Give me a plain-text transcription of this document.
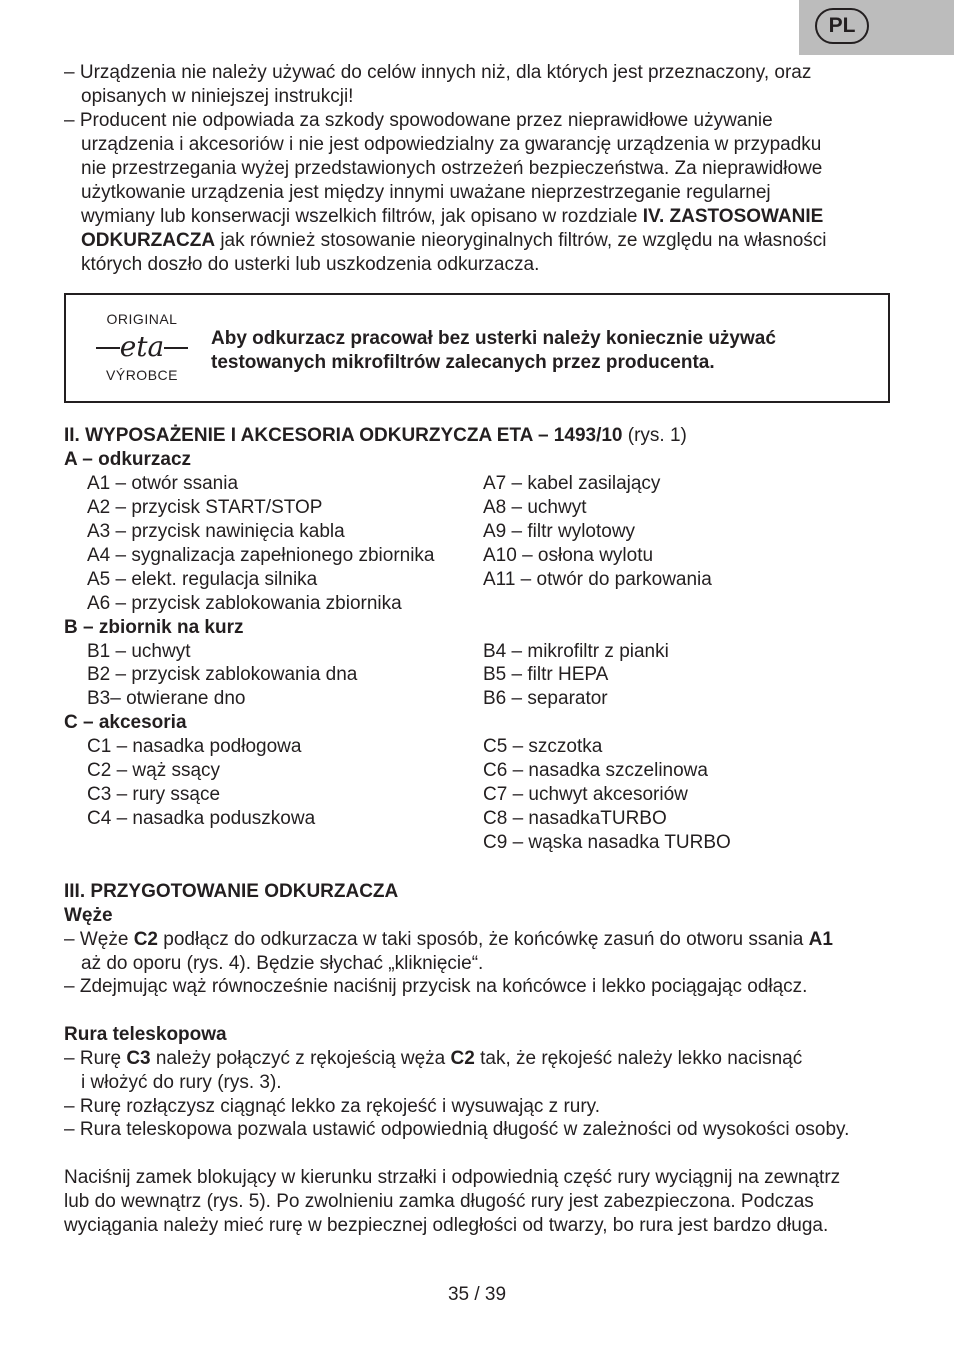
PL
– Urządzenia nie należy używać do celów innych niż, dla których jest przeznaczony, oraz
opisanych w niniejszej instrukcji!
– Producent nie odpowiada za szkody spowodowane przez nieprawidłowe używanie
urządzenia i akcesoriów i nie jest odpowiedzialny za gwarancję urządzenia w przypadku
nie przestrzegania wyżej przedstawionych ostrzeżeń bezpieczeństwa. Za nieprawidłowe
użytkowanie urządzenia jest między innymi uważane nieprzestrzeganie regularnej
wymiany lub konserwacji wszelkich filtrów, jak opisano w rozdziale IV. ZASTOSOWANIE
ODKURZACZA jak również stosowanie nieoryginalnych filtrów, ze względu na własności
których doszło do usterki lub uszkodzenia odkurzacza.
ORIGINAL
eta
VÝROBCE
Aby odkurzacz pracował bez usterki należy koniecznie używać
testowanych mikrofiltrów zalecanych przez producenta.
II. WYPOSAŻENIE I AKCESORIA ODKURZYCZA ETA – 1493/10 (rys. 1)
A – odkurzacz
A1 – otwór ssania
A2 – przycisk START/STOP
A3 – przycisk nawinięcia kabla
A4 – sygnalizacja zapełnionego zbiornika
A5 – elekt. regulacja silnika
A6 – przycisk zablokowania zbiornika
A7 – kabel zasilający
A8 – uchwyt
A9 – filtr wylotowy
A10 – osłona wylotu
A11 – otwór do parkowania
B – zbiornik na kurz
B1 – uchwyt
B2 – przycisk zablokowania dna
B3– otwierane dno
B4 – mikrofiltr z pianki
B5 – filtr HEPA
B6 – separator
C – akcesoria
C1 – nasadka podłogowa
C2 – wąż ssący
C3 – rury ssące
C4 – nasadka poduszkowa
C5 – szczotka
C6 – nasadka szczelinowa
C7 – uchwyt akcesoriów
C8 – nasadkaTURBO
C9 – wąska nasadka TURBO
III. PRZYGOTOWANIE ODKURZACZA
Węże
– Węże C2 podłącz do odkurzacza w taki sposób, że końcówkę zasuń do otworu ssania A1
aż do oporu (rys. 4). Będzie słychać „kliknięcie“.
– Zdejmując wąż równocześnie naciśnij przycisk na końcówce i lekko pociągając odłącz.
Rura teleskopowa
– Rurę C3 należy połączyć z rękojeścią węża C2 tak, że rękojeść należy lekko nacisnąć
i włożyć do rury (rys. 3).
– Rurę rozłączysz ciągnąć lekko za rękojeść i wysuwając z rury.
– Rura teleskopowa pozwala ustawić odpowiednią długość w zależności od wysokości osoby.
Naciśnij zamek blokujący w kierunku strzałki i odpowiednią część rury wyciągnij na zewnątrz
lub do wewnątrz (rys. 5). Po zwolnieniu zamka długość rury jest zabezpieczona. Podczas
wyciągania należy mieć rurę w bezpiecznej odległości od twarzy, bo rura jest bardzo długa.
35 / 39
